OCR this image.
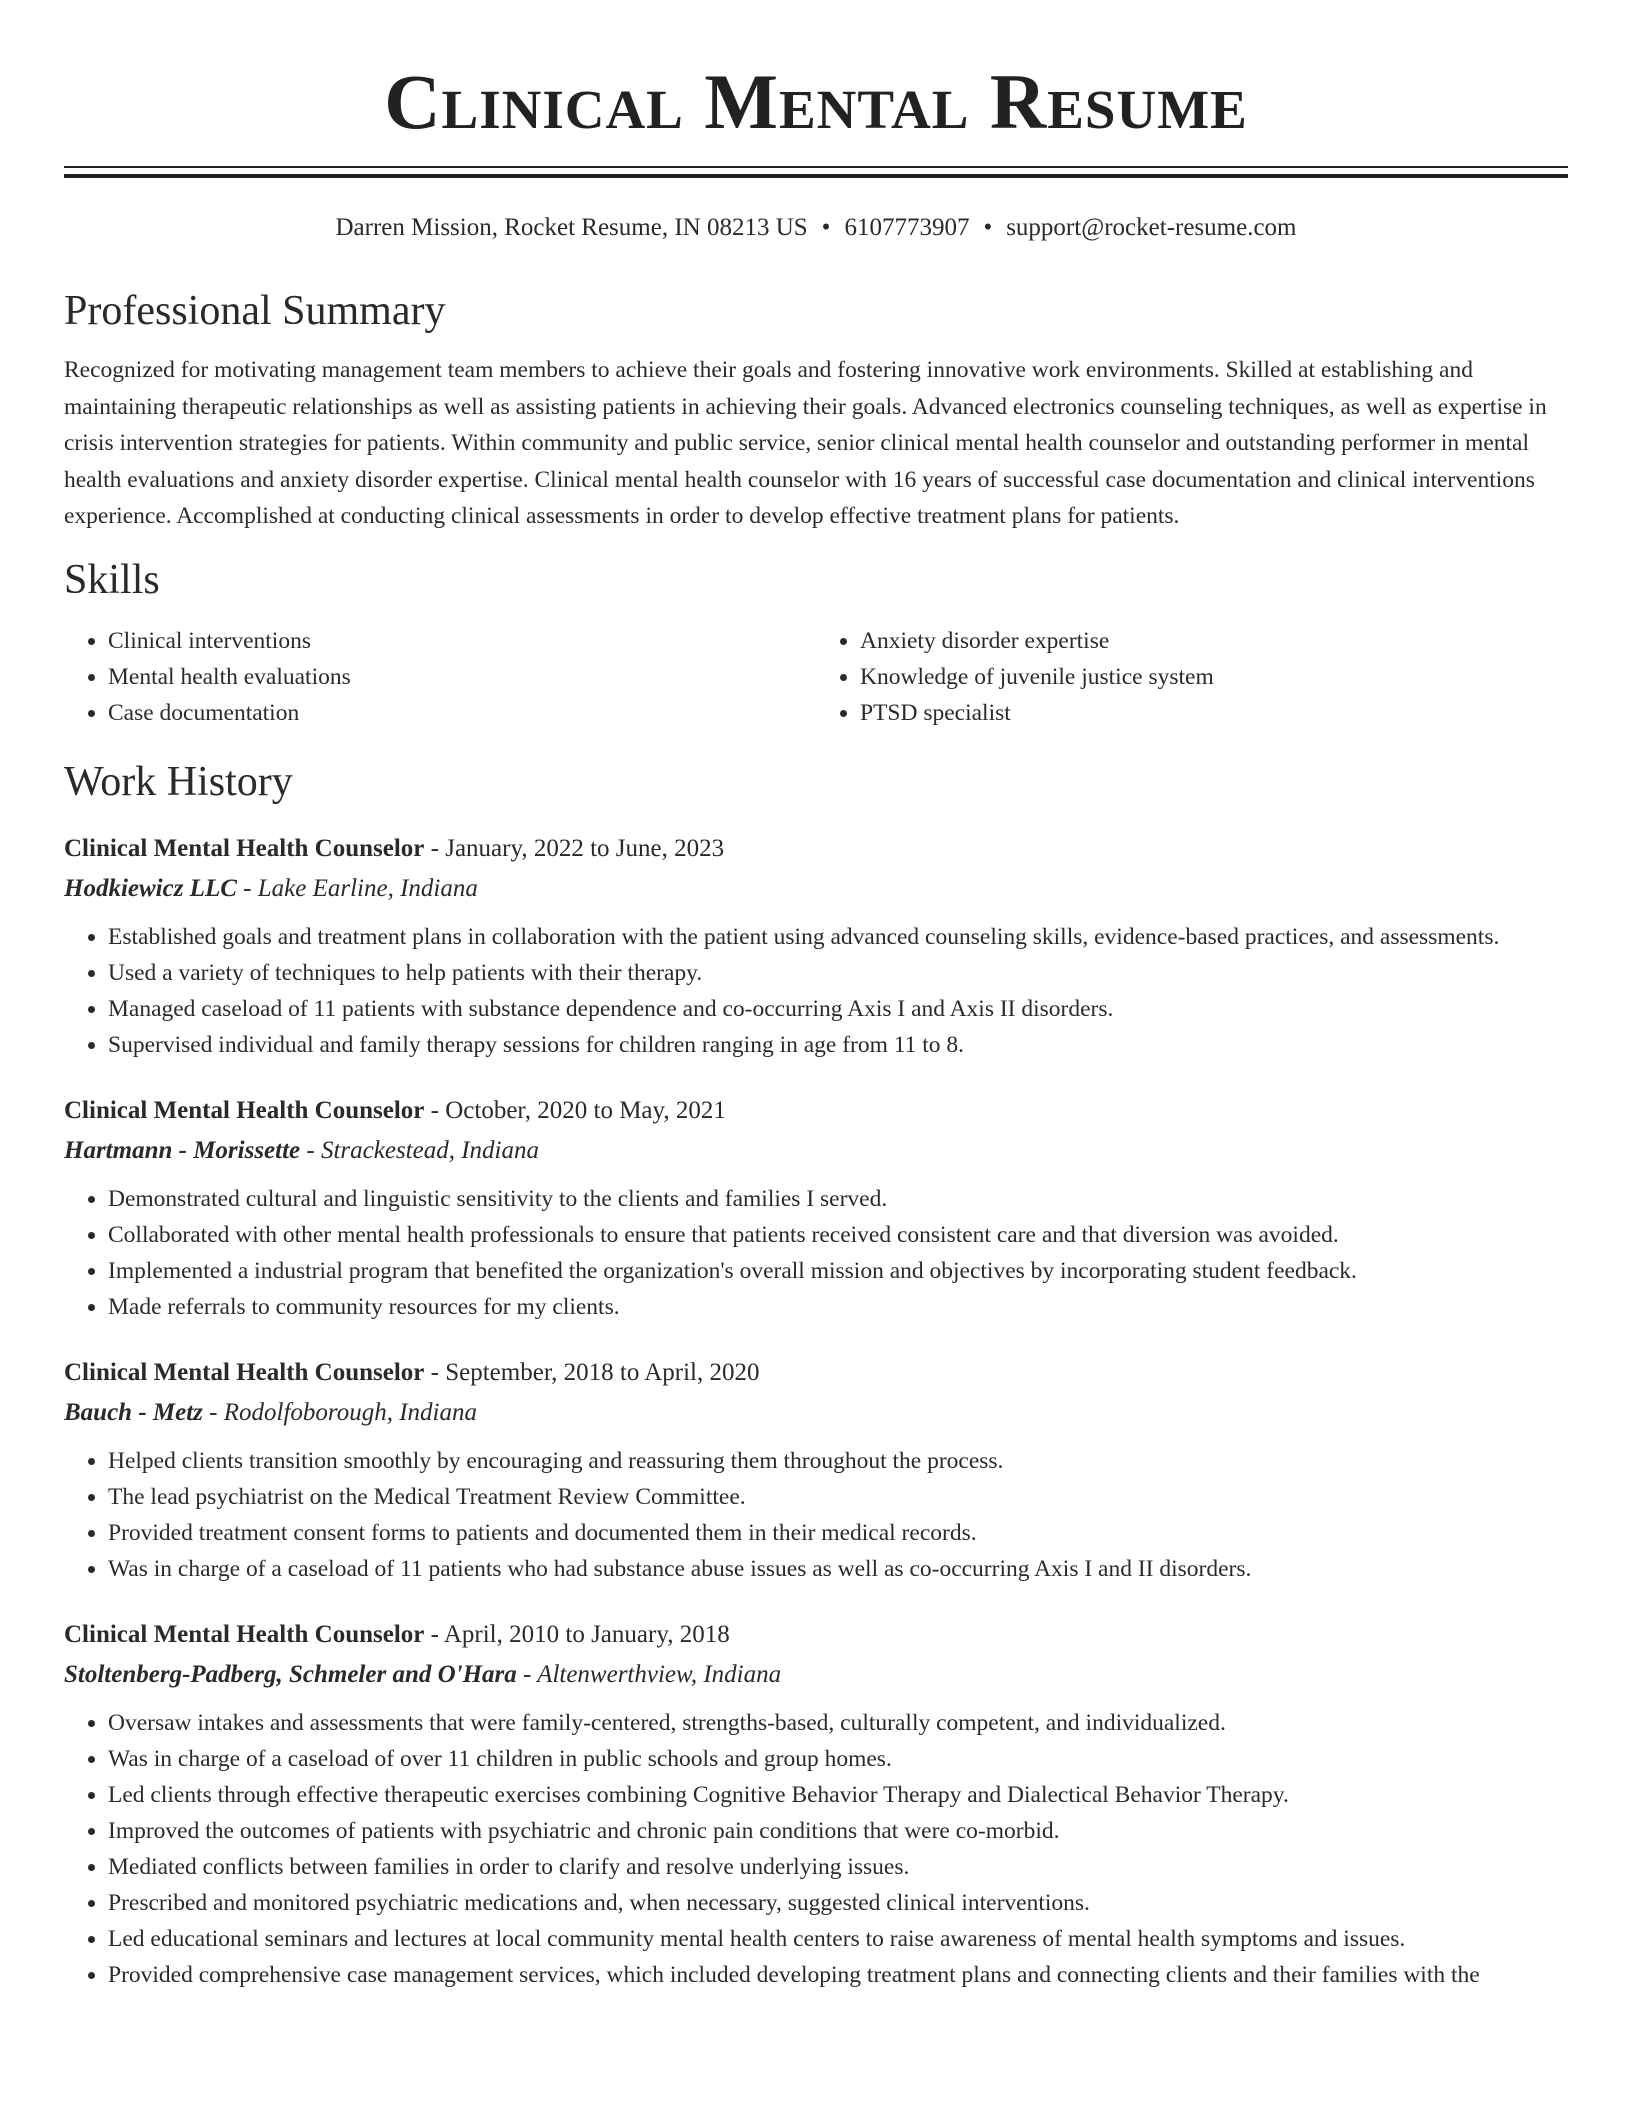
Clinical Mental Resume
Darren Mission, Rocket Resume, IN 08213 US • 6107773907 • support@rocket-resume.com
Professional Summary

Recognized for motivating management team members to achieve their goals and fostering innovative work environments. Skilled at establishing and maintaining therapeutic relationships as well as assisting patients in achieving their goals. Advanced electronics counseling techniques, as well as expertise in crisis intervention strategies for patients. Within community and public service, senior clinical mental health counselor and outstanding performer in mental health evaluations and anxiety disorder expertise. Clinical mental health counselor with 16 years of successful case documentation and clinical interventions experience. Accomplished at conducting clinical assessments in order to develop effective treatment plans for patients.

Skills
• Clinical interventions
• Mental health evaluations
• Case documentation
• Anxiety disorder expertise
• Knowledge of juvenile justice system
• PTSD specialist
Work History
Clinical Mental Health Counselor - January, 2022 to June, 2023
Hodkiewicz LLC - Lake Earline, Indiana
• Established goals and treatment plans in collaboration with the patient using advanced counseling skills, evidence-based practices, and assessments.
• Used a variety of techniques to help patients with their therapy.
• Managed caseload of 11 patients with substance dependence and co-occurring Axis I and Axis II disorders.
• Supervised individual and family therapy sessions for children ranging in age from 11 to 8.
Clinical Mental Health Counselor - October, 2020 to May, 2021
Hartmann - Morissette - Strackestead, Indiana
• Demonstrated cultural and linguistic sensitivity to the clients and families I served.
• Collaborated with other mental health professionals to ensure that patients received consistent care and that diversion was avoided.
• Implemented a industrial program that benefited the organization's overall mission and objectives by incorporating student feedback.
• Made referrals to community resources for my clients.
Clinical Mental Health Counselor - September, 2018 to April, 2020
Bauch - Metz - Rodolfoborough, Indiana
• Helped clients transition smoothly by encouraging and reassuring them throughout the process.
• The lead psychiatrist on the Medical Treatment Review Committee.
• Provided treatment consent forms to patients and documented them in their medical records.
• Was in charge of a caseload of 11 patients who had substance abuse issues as well as co-occurring Axis I and II disorders.
Clinical Mental Health Counselor - April, 2010 to January, 2018
Stoltenberg-Padberg, Schmeler and O'Hara - Altenwerthview, Indiana
• Oversaw intakes and assessments that were family-centered, strengths-based, culturally competent, and individualized.
• Was in charge of a caseload of over 11 children in public schools and group homes.
• Led clients through effective therapeutic exercises combining Cognitive Behavior Therapy and Dialectical Behavior Therapy.
• Improved the outcomes of patients with psychiatric and chronic pain conditions that were co-morbid.
• Mediated conflicts between families in order to clarify and resolve underlying issues.
• Prescribed and monitored psychiatric medications and, when necessary, suggested clinical interventions.
• Led educational seminars and lectures at local community mental health centers to raise awareness of mental health symptoms and issues.
• Provided comprehensive case management services, which included developing treatment plans and connecting clients and their families with the
